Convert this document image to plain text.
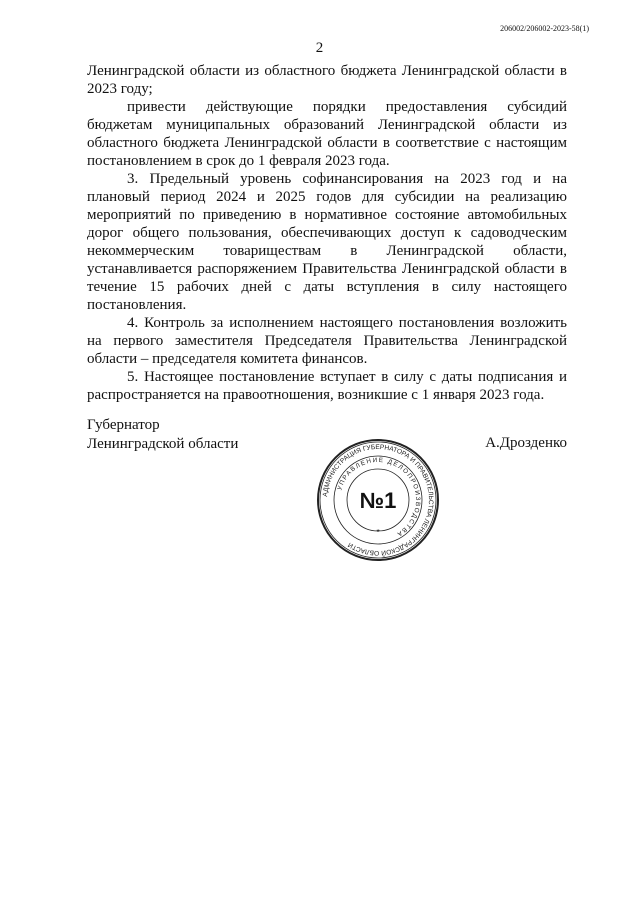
206002/206002-2023-58(1)
2

Ленинградской области из областного бюджета Ленинградской области в 2023 году;

привести действующие порядки предоставления субсидий бюджетам муниципальных образований Ленинградской области из областного бюджета Ленинградской области в соответствие с настоящим постановлением в срок до 1 февраля 2023 года.

3. Предельный уровень софинансирования на 2023 год и на плановый период 2024 и 2025 годов для субсидии на реализацию мероприятий по приведению в нормативное состояние автомобильных дорог общего пользования, обеспечивающих доступ к садоводческим некоммерческим товариществам в Ленинградской области, устанавливается распоряжением Правительства Ленинградской области в течение 15 рабочих дней с даты вступления в силу настоящего постановления.

4. Контроль за исполнением настоящего постановления возложить на первого заместителя Председателя Правительства Ленинградской области – председателя комитета финансов.

5. Настоящее постановление вступает в силу с даты подписания и распространяется на правоотношения, возникшие с 1 января 2023 года.

Губернатор
Ленинградской области	А.Дрозденко
АДМИНИСТРАЦИЯ ГУБЕРНАТОРА И ПРАВИТЕЛЬСТВА ЛЕНИНГРАДСКОЙ ОБЛАСТИ
УПРАВЛЕНИЕ ДЕЛОПРОИЗВОДСТВА
№1
*
